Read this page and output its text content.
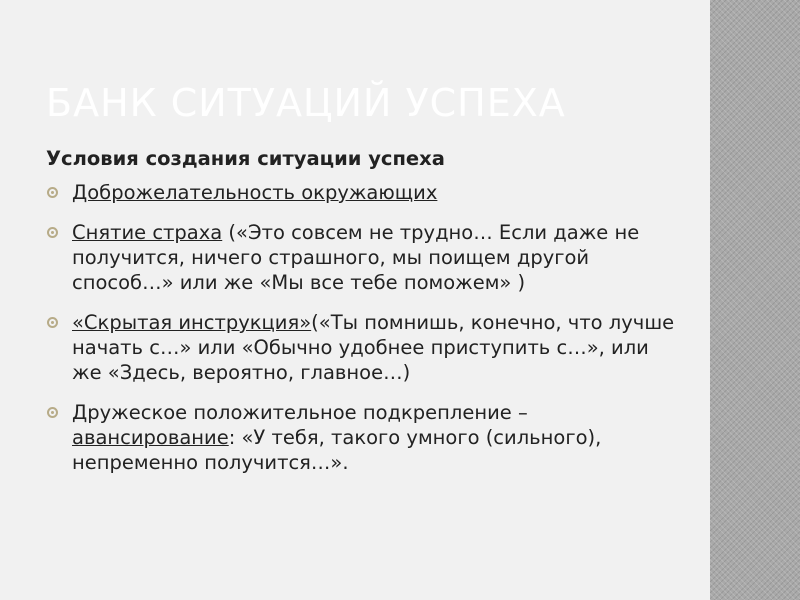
БАНК СИТУАЦИЙ УСПЕХА

Условия создания ситуации успеха

Доброжелательность окружающих
Снятие страха («Это совсем не трудно… Если даже не получится, ничего страшного, мы поищем другой способ…» или же «Мы все тебе поможем» )
«Скрытая инструкция»(«Ты помнишь, конечно, что лучше начать с…» или «Обычно удобнее приступить с…», или же «Здесь, вероятно, главное…)
Дружеское положительное подкрепление – авансирование: «У тебя, такого умного (сильного), непременно получится…».
